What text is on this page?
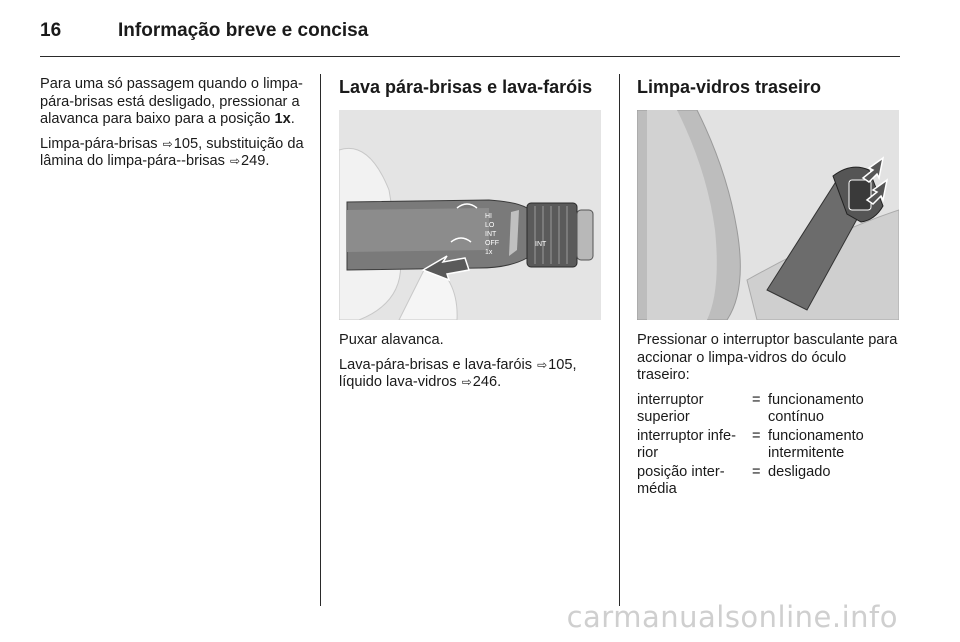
16	Informação breve e concisa

Para uma só passagem quando o limpa-pára-brisas está desligado, pressionar a alavanca para baixo para a posição 1x.

Limpa-pára-brisas ⇨105, substituição da lâmina do limpa-pára--brisas ⇨249.

Lava pára-brisas e lava-faróis
HI
LO
INT
OFF
1x
INT

Puxar alavanca.

Lava-pára-brisas e lava-faróis ⇨105, líquido lava-vidros ⇨246.

Limpa-vidros traseiro

Pressionar o interruptor basculante para accionar o limpa-vidros do óculo traseiro:

interruptor superior
= funcionamento contínuo
interruptor infe-rior
= funcionamento intermitente
posição inter-média
= desligado
carmanualsonline.info
